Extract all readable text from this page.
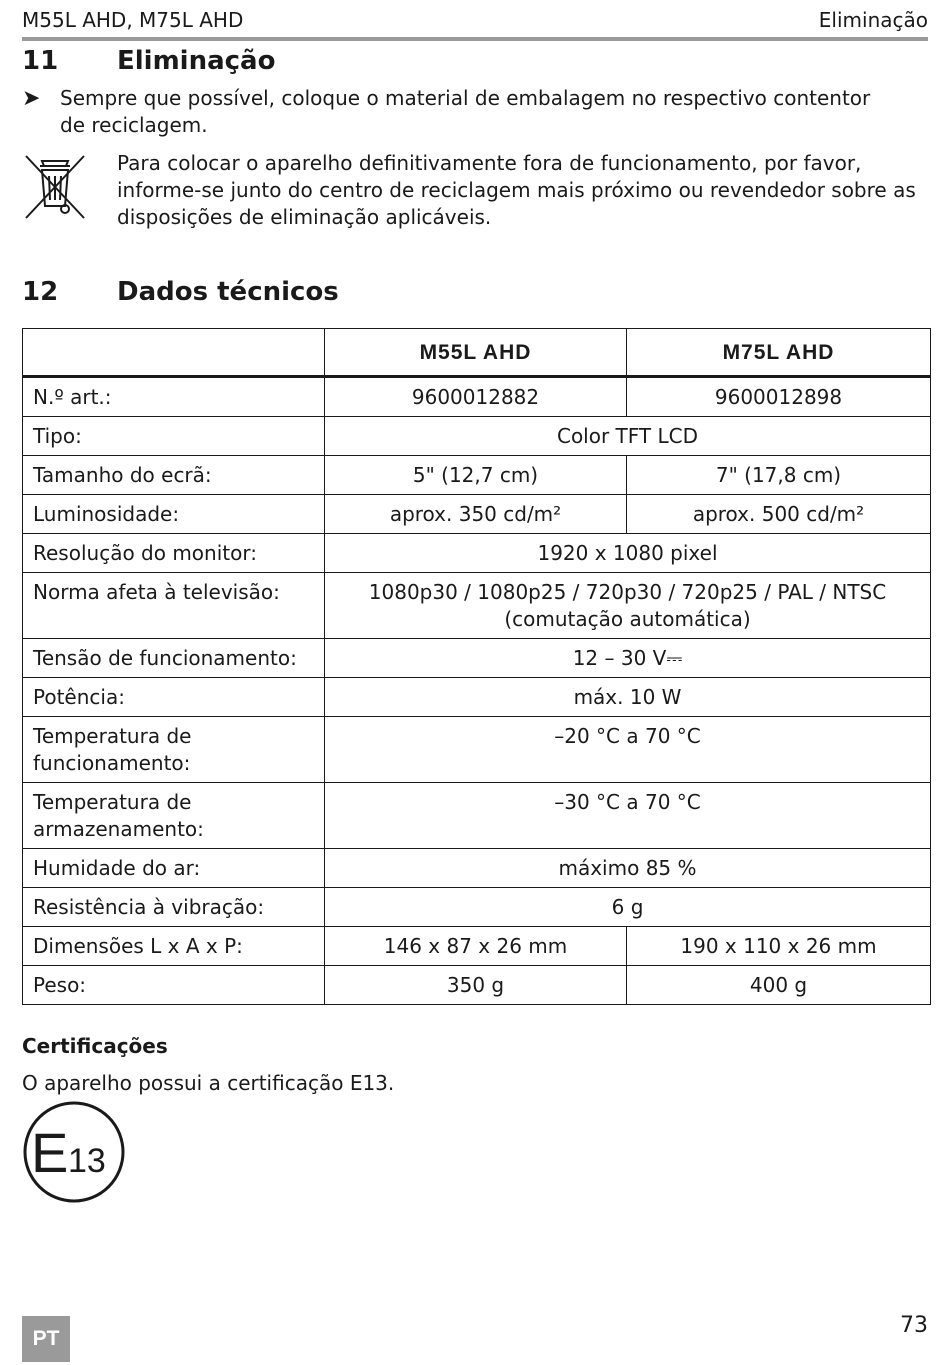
M55L AHD, M75L AHD	Eliminação
11 Eliminação
➤ Sempre que possível, coloque o material de embalagem no respectivo contentor de reciclagem.
Para colocar o aparelho definitivamente fora de funcionamento, por favor, informe-se junto do centro de reciclagem mais próximo ou revendedor sobre as disposições de eliminação aplicáveis.
12 Dados técnicos
	M55L AHD	M75L AHD
N.º art.:	9600012882	9600012898
Tipo:	Color TFT LCD	
Tamanho do ecrã:	5" (12,7 cm)	7" (17,8 cm)
Luminosidade:	aprox. 350 cd/m²	aprox. 500 cd/m²
Resolução do monitor:	1920 x 1080 pixel	
Norma afeta à televisão:	1080p30 / 1080p25 / 720p30 / 720p25 / PAL / NTSC (comutação automática)	
Tensão de funcionamento:	12 – 30 V⎓	
Potência:	máx. 10 W	
Temperatura de funcionamento:	–20 °C a 70 °C	
Temperatura de armazenamento:	–30 °C a 70 °C	
Humidade do ar:	máximo 85 %	
Resistência à vibração:	6 g	
Dimensões L x A x P:	146 x 87 x 26 mm	190 x 110 x 26 mm
Peso:	350 g	400 g
Certificações
O aparelho possui a certificação E13.
E 13
PT
73
